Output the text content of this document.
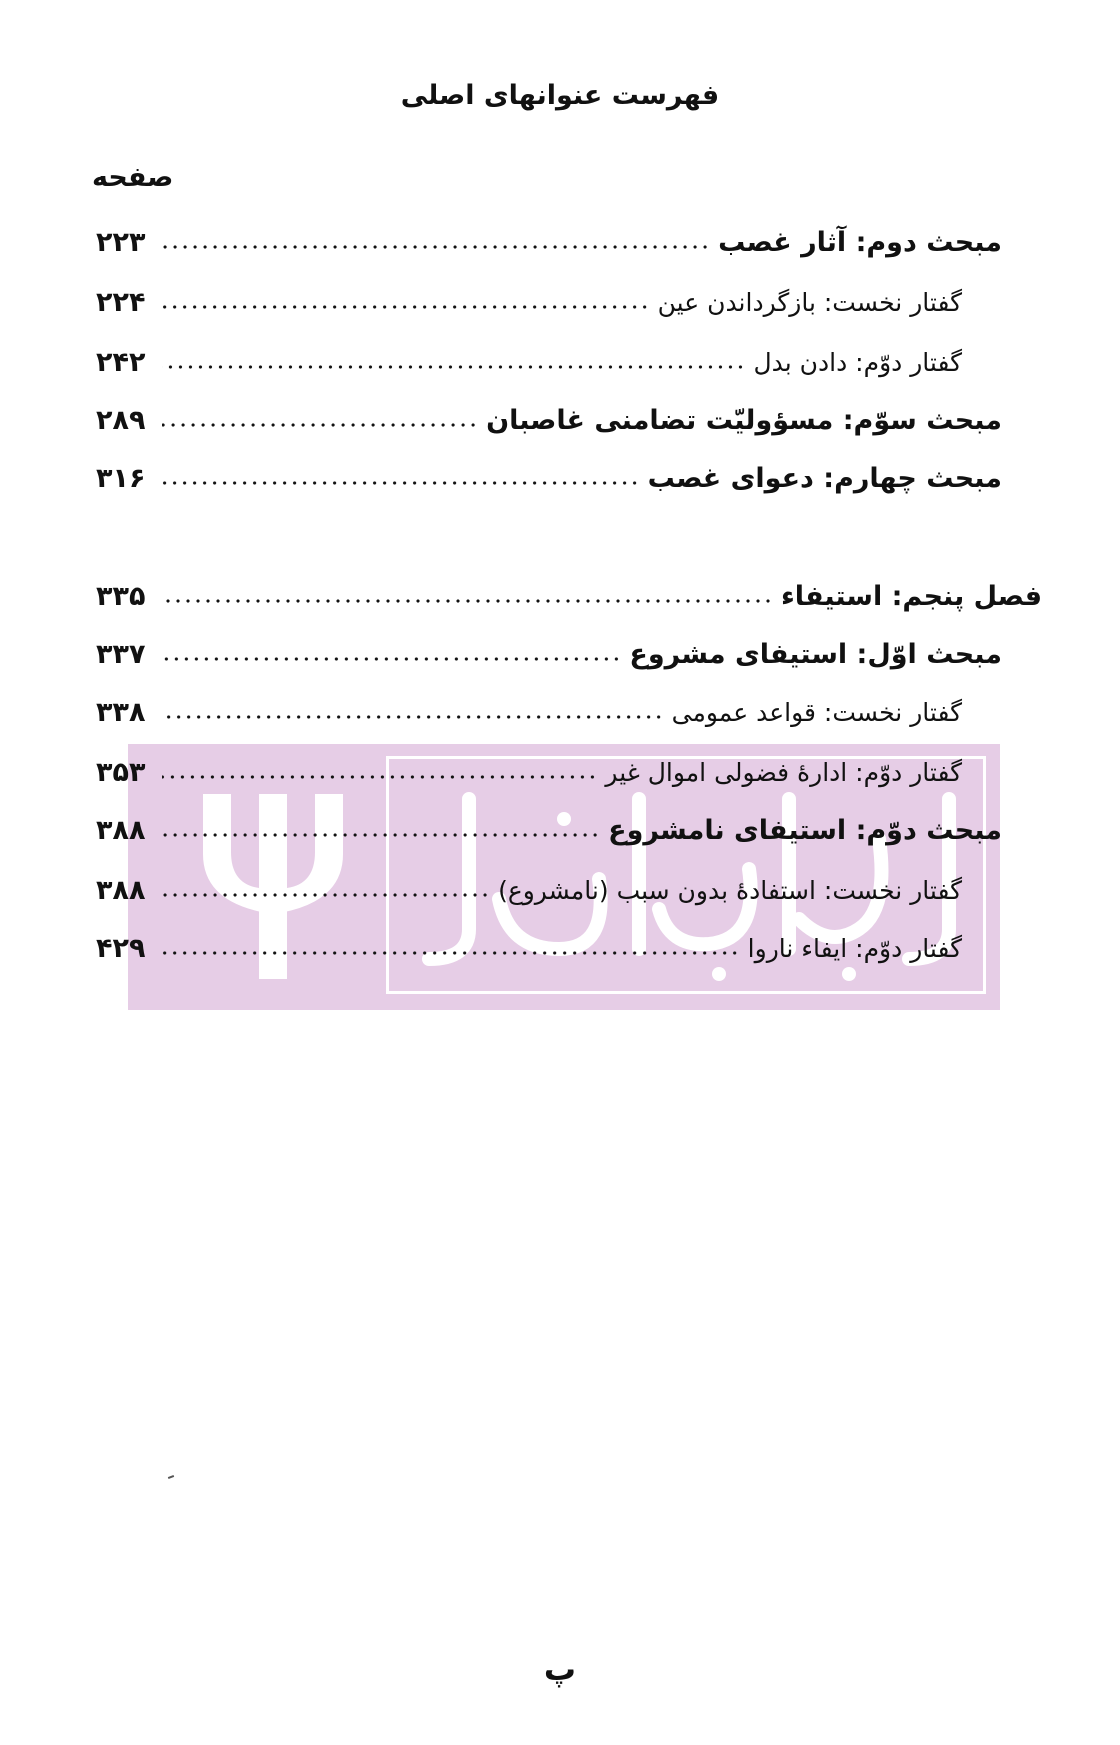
فهرست عنوانهای اصلی
صفحه
۲۲۳	مبحث دوم: آثار غصب
۲۲۴	گفتار نخست: بازگرداندن عین
۲۴۲	گفتار دوّم: دادن بدل
۲۸۹	مبحث سوّم: مسؤولیّت تضامنی غاصبان
۳۱۶	مبحث چهارم: دعوای غصب
۳۳۵	فصل پنجم: استیفاء
۳۳۷	مبحث اوّل: استیفای مشروع
۳۳۸	گفتار نخست: قواعد عمومی
۳۵۳	گفتار دوّم: ادارهٔ فضولی اموال غیر
۳۸۸	مبحث دوّم: استیفای نامشروع
۳۸۸	گفتار نخست: استفادهٔ بدون سبب (نامشروع)
۴۲۹	گفتار دوّم: ایفاء ناروا
پ
